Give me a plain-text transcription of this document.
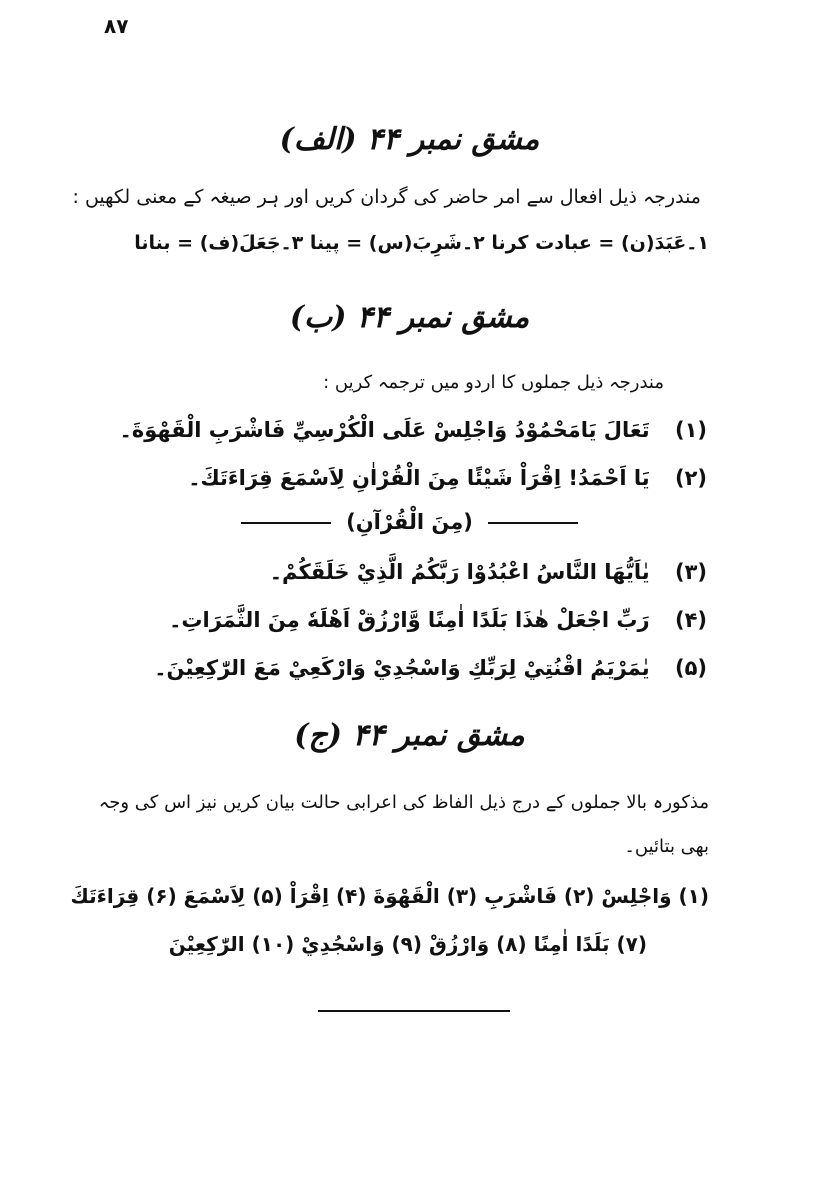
۸۷
مشق نمبر ۴۴ (الف)
مندرجہ ذیل افعال سے امر حاضر کی گردان کریں اور ہر صیغہ کے معنی لکھیں :
۱۔عَبَدَ(ن) = عبادت کرنا ۲۔شَرِبَ(س) = پینا ۳۔جَعَلَ(ف) = بنانا
مشق نمبر ۴۴ (ب)
مندرجہ ذیل جملوں کا اردو میں ترجمہ کریں :
(۱) تَعَالَ يَامَحْمُوْدُ وَاجْلِسْ عَلَى الْكُرْسِيِّ فَاشْرَبِ الْقَهْوَةَ۔
(۲) يَا اَحْمَدُ! اِقْرَاْ شَيْئًا مِنَ الْقُرْاٰنِ لِاَسْمَعَ قِرَاءَتَكَ۔
(مِنَ الْقُرْآنِ)
(۳) يٰاَيُّهَا النَّاسُ اعْبُدُوْا رَبَّكُمُ الَّذِيْ خَلَقَكُمْ۔
(۴) رَبِّ اجْعَلْ هٰذَا بَلَدًا اٰمِنًا وَّارْزُقْ اَهْلَهٗ مِنَ الثَّمَرَاتِ۔
(۵) يٰمَرْيَمُ اقْنُتِيْ لِرَبِّكِ وَاسْجُدِيْ وَارْكَعِيْ مَعَ الرّٰكِعِيْنَ۔
مشق نمبر ۴۴ (ج)
مذکورہ بالا جملوں کے درج ذیل الفاظ کی اعرابی حالت بیان کریں نیز اس کی وجہ
بھی بتائیں۔
(۱) وَاجْلِسْ (۲) فَاشْرَبِ (۳) الْقَهْوَةَ (۴) اِقْرَاْ (۵) لِاَسْمَعَ (۶) قِرَاءَتَكَ
(۷) بَلَدًا اٰمِنًا (۸) وَارْزُقْ (۹) وَاسْجُدِيْ (۱۰) الرّٰكِعِيْنَ
